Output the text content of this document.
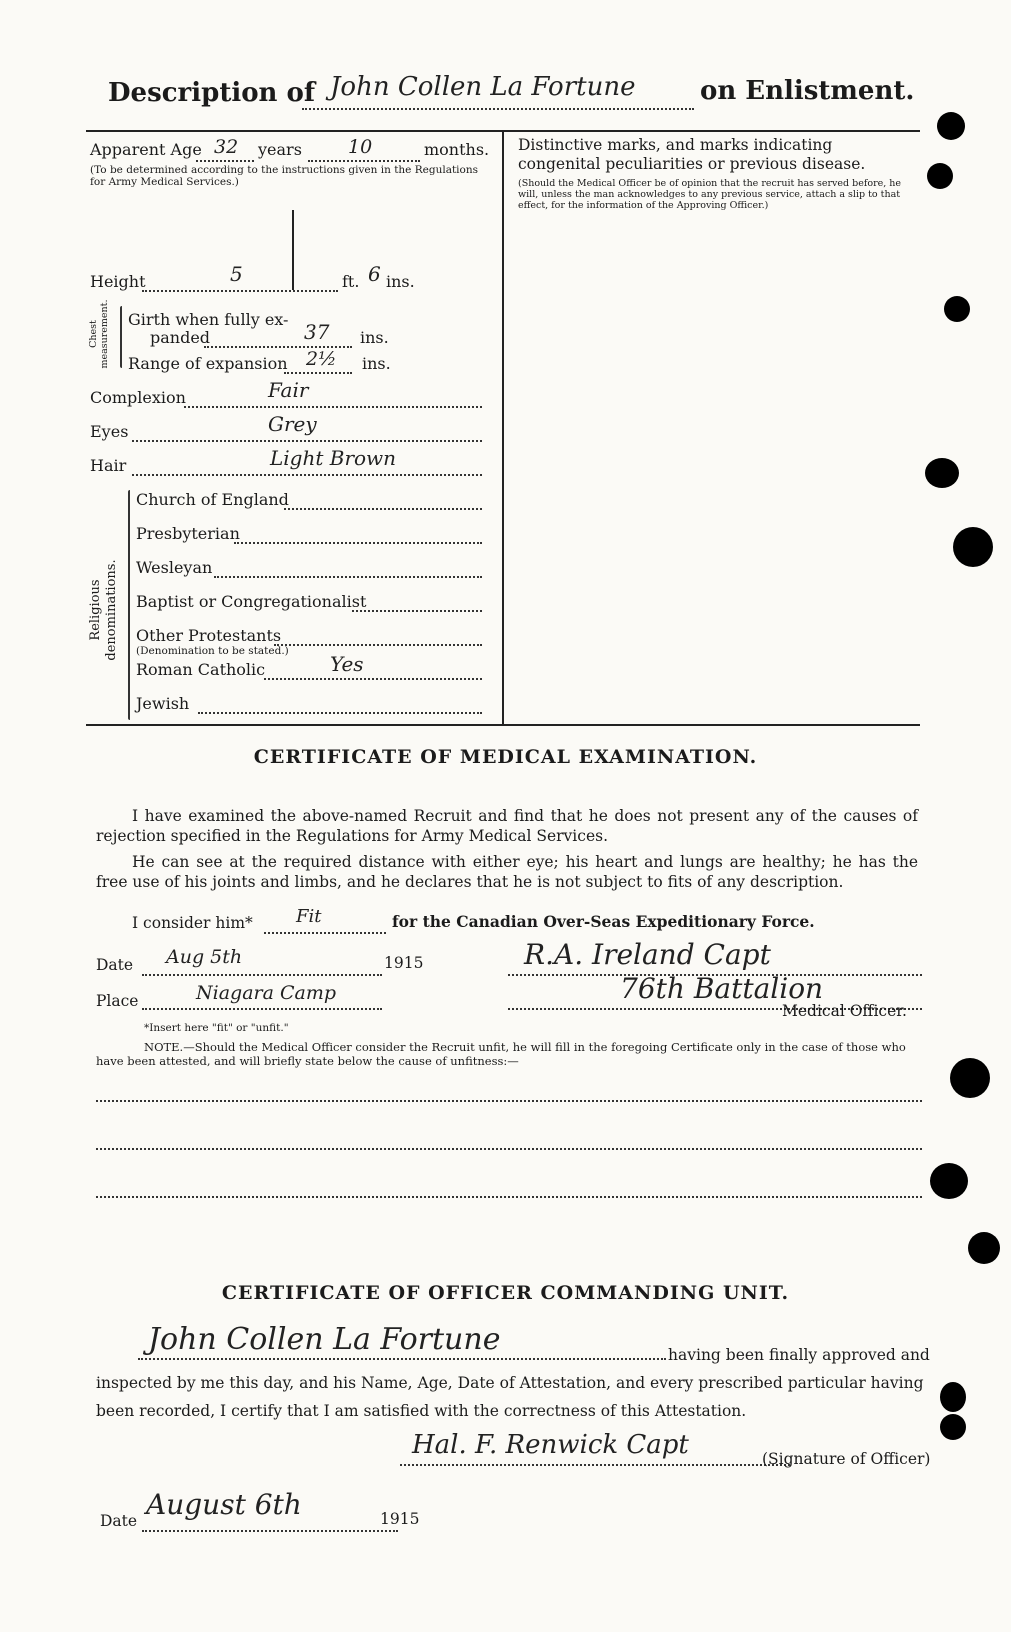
Description of John Collen La Fortune on Enlistment.
Apparent Age 32 years 10	months.
(To be determined according to the instructions given in the Regulations for Army Medical Services.)
Height	5	ft. 6 ins.
Chest measurement. Girth when fully ex-
panded	37 ins.
Range of expansion 2½ ins.
Complexion	Fair
Eyes	Grey
Hair	Light Brown
Religious denominations.
Church of England
Presbyterian
Wesleyan
Baptist or Congregationalist
Other Protestants
(Denomination to be stated.)
Roman Catholic	Yes
Jewish
Distinctive marks, and marks indicating congenital peculiarities or previous disease.
(Should the Medical Officer be of opinion that the recruit has served before, he will, unless the man acknowledges to any previous service, attach a slip to that effect, for the information of the Approving Officer.)
CERTIFICATE OF MEDICAL EXAMINATION.
I have examined the above-named Recruit and find that he does not present any of the causes of rejection specified in the Regulations for Army Medical Services.
He can see at the required distance with either eye; his heart and lungs are healthy; he has the free use of his joints and limbs, and he declares that he is not subject to fits of any description.
I consider him* Fit	for the Canadian Over-Seas Expeditionary Force.
Date Aug 5th	1915	R.A. Ireland Capt
Place	Niagara Camp	76th Battalion
Medical Officer.
*Insert here "fit" or "unfit."
NOTE.—Should the Medical Officer consider the Recruit unfit, he will fill in the foregoing Certificate only in the case of those who have been attested, and will briefly state below the cause of unfitness:—
CERTIFICATE OF OFFICER COMMANDING UNIT.
John Collen La Fortune	having been finally approved and
inspected by me this day, and his Name, Age, Date of Attestation, and every prescribed particular having
been recorded, I certify that I am satisfied with the correctness of this Attestation.
Hal. F. Renwick Capt	(Signature of Officer)
Date August 6th	1915
